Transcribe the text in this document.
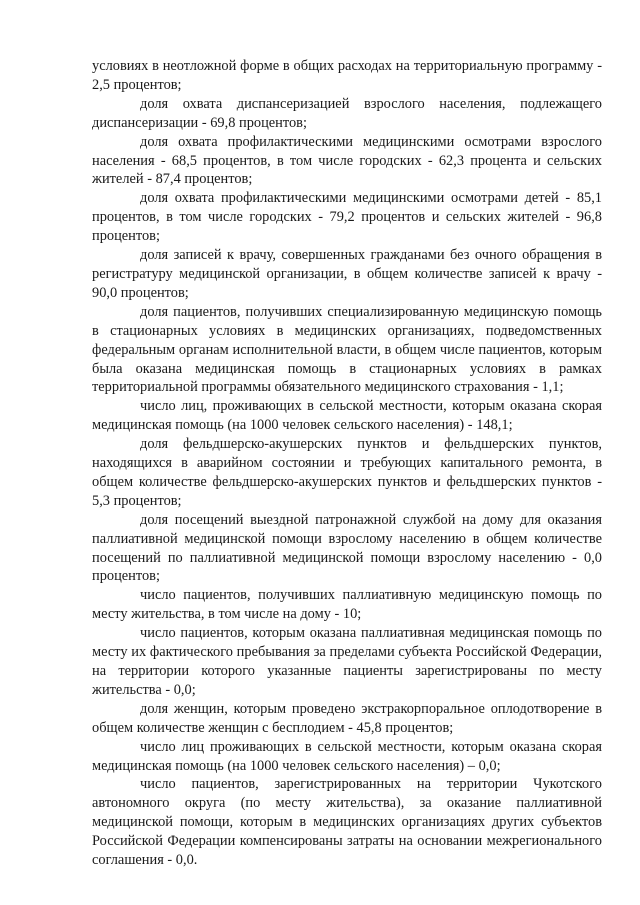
условиях в неотложной форме в общих расходах на территориальную программу - 2,5 процентов;

доля охвата диспансеризацией взрослого населения, подлежащего диспансеризации - 69,8 процентов;

доля охвата профилактическими медицинскими осмотрами взрослого населения - 68,5 процентов, в том числе городских - 62,3 процента и сельских жителей - 87,4 процентов;

доля охвата профилактическими медицинскими осмотрами детей - 85,1 процентов, в том числе городских - 79,2 процентов и сельских жителей - 96,8 процентов;

доля записей к врачу, совершенных гражданами без очного обращения в регистратуру медицинской организации, в общем количестве записей к врачу - 90,0 процентов;

доля пациентов, получивших специализированную медицинскую помощь в стационарных условиях в медицинских организациях, подведомственных федеральным органам исполнительной власти, в общем числе пациентов, которым была оказана медицинская помощь в стационарных условиях в рамках территориальной программы обязательного медицинского страхования - 1,1;

число лиц, проживающих в сельской местности, которым оказана скорая медицинская помощь (на 1000 человек сельского населения) - 148,1;

доля фельдшерско-акушерских пунктов и фельдшерских пунктов, находящихся в аварийном состоянии и требующих капитального ремонта, в общем количестве фельдшерско-акушерских пунктов и фельдшерских пунктов - 5,3 процентов;

доля посещений выездной патронажной службой на дому для оказания паллиативной медицинской помощи взрослому населению в общем количестве посещений по паллиативной медицинской помощи взрослому населению - 0,0 процентов;

число пациентов, получивших паллиативную медицинскую помощь по месту жительства, в том числе на дому - 10;

число пациентов, которым оказана паллиативная медицинская помощь по месту их фактического пребывания за пределами субъекта Российской Федерации, на территории которого указанные пациенты зарегистрированы по месту жительства - 0,0;

доля женщин, которым проведено экстракорпоральное оплодотворение в общем количестве женщин с бесплодием - 45,8 процентов;

число лиц проживающих в сельской местности, которым оказана скорая медицинская помощь (на 1000 человек сельского населения) – 0,0;

число пациентов, зарегистрированных на территории Чукотского автономного округа (по месту жительства), за оказание паллиативной медицинской помощи, которым в медицинских организациях других субъектов Российской Федерации компенсированы затраты на основании межрегионального соглашения - 0,0.
